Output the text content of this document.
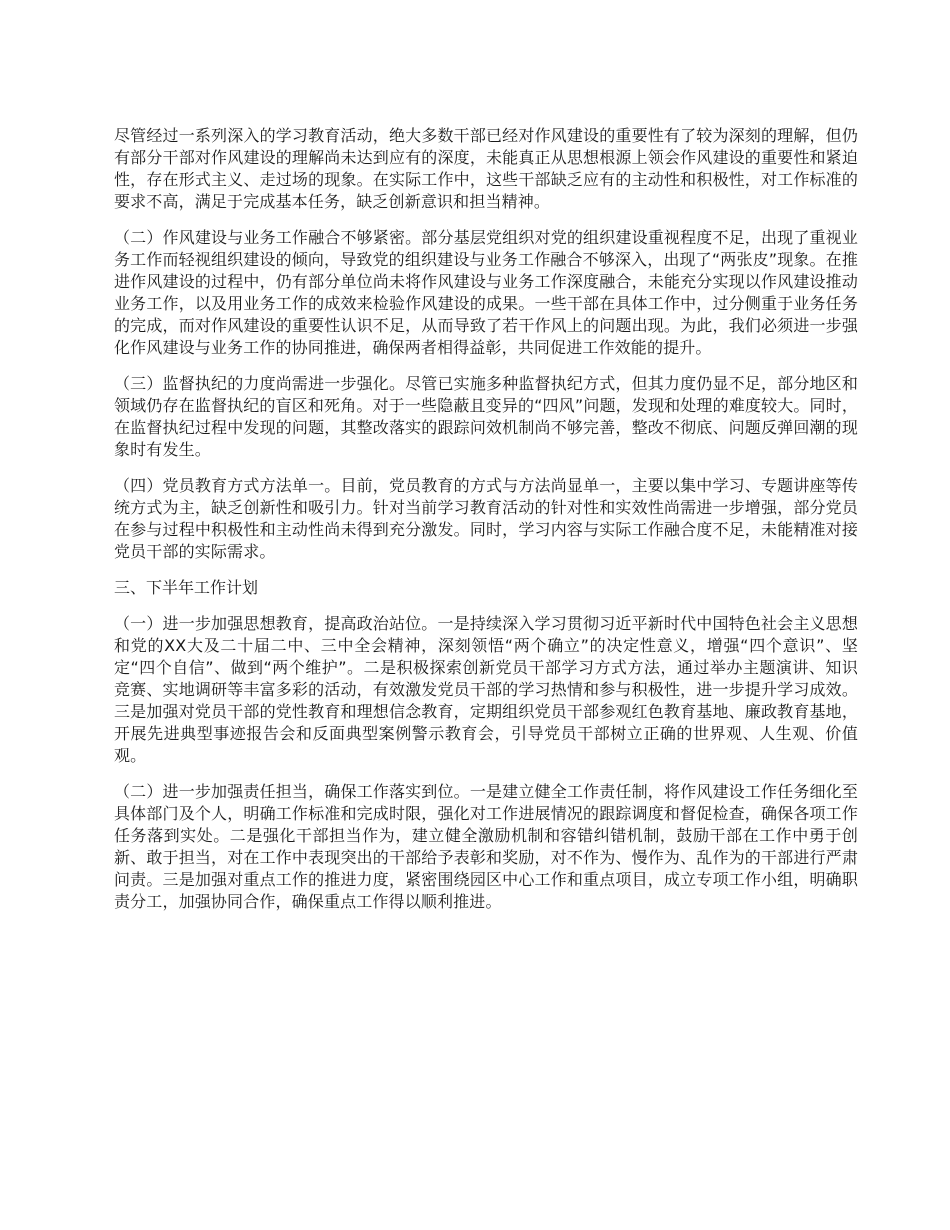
尽管经过一系列深入的学习教育活动，绝大多数干部已经对作风建设的重要性有了较为深刻的理解，但仍有部分干部对作风建设的理解尚未达到应有的深度，未能真正从思想根源上领会作风建设的重要性和紧迫性，存在形式主义、走过场的现象。在实际工作中，这些干部缺乏应有的主动性和积极性，对工作标准的要求不高，满足于完成基本任务，缺乏创新意识和担当精神。

（二）作风建设与业务工作融合不够紧密。部分基层党组织对党的组织建设重视程度不足，出现了重视业务工作而轻视组织建设的倾向，导致党的组织建设与业务工作融合不够深入，出现了“两张皮”现象。在推进作风建设的过程中，仍有部分单位尚未将作风建设与业务工作深度融合，未能充分实现以作风建设推动业务工作，以及用业务工作的成效来检验作风建设的成果。一些干部在具体工作中，过分侧重于业务任务的完成，而对作风建设的重要性认识不足，从而导致了若干作风上的问题出现。为此，我们必须进一步强化作风建设与业务工作的协同推进，确保两者相得益彰，共同促进工作效能的提升。

（三）监督执纪的力度尚需进一步强化。尽管已实施多种监督执纪方式，但其力度仍显不足，部分地区和领域仍存在监督执纪的盲区和死角。对于一些隐蔽且变异的“四风”问题，发现和处理的难度较大。同时，在监督执纪过程中发现的问题，其整改落实的跟踪问效机制尚不够完善，整改不彻底、问题反弹回潮的现象时有发生。

（四）党员教育方式方法单一。目前，党员教育的方式与方法尚显单一，主要以集中学习、专题讲座等传统方式为主，缺乏创新性和吸引力。针对当前学习教育活动的针对性和实效性尚需进一步增强，部分党员在参与过程中积极性和主动性尚未得到充分激发。同时，学习内容与实际工作融合度不足，未能精准对接党员干部的实际需求。

三、下半年工作计划

（一）进一步加强思想教育，提高政治站位。一是持续深入学习贯彻习近平新时代中国特色社会主义思想和党的XX大及二十届二中、三中全会精神，深刻领悟“两个确立”的决定性意义，增强“四个意识”、坚定“四个自信”、做到“两个维护”。二是积极探索创新党员干部学习方式方法，通过举办主题演讲、知识竞赛、实地调研等丰富多彩的活动，有效激发党员干部的学习热情和参与积极性，进一步提升学习成效。三是加强对党员干部的党性教育和理想信念教育，定期组织党员干部参观红色教育基地、廉政教育基地，开展先进典型事迹报告会和反面典型案例警示教育会，引导党员干部树立正确的世界观、人生观、价值观。

（二）进一步加强责任担当，确保工作落实到位。一是建立健全工作责任制，将作风建设工作任务细化至具体部门及个人，明确工作标准和完成时限，强化对工作进展情况的跟踪调度和督促检查，确保各项工作任务落到实处。二是强化干部担当作为，建立健全激励机制和容错纠错机制，鼓励干部在工作中勇于创新、敢于担当，对在工作中表现突出的干部给予表彰和奖励，对不作为、慢作为、乱作为的干部进行严肃问责。三是加强对重点工作的推进力度，紧密围绕园区中心工作和重点项目，成立专项工作小组，明确职责分工，加强协同合作，确保重点工作得以顺利推进。
